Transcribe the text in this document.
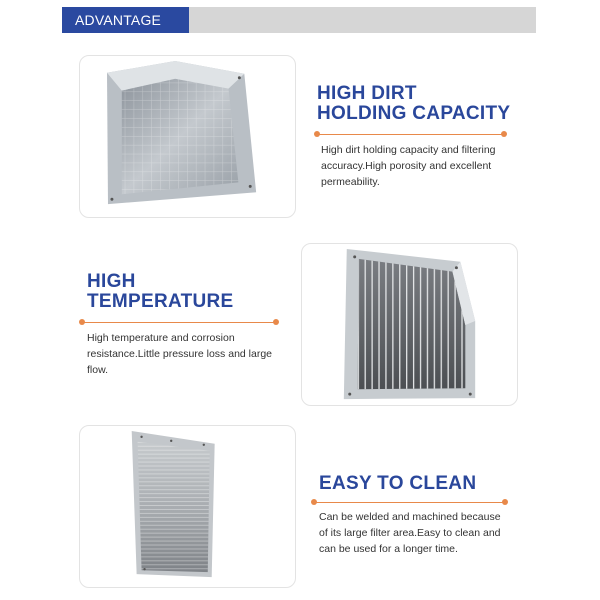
ADVANTAGE
HIGH DIRT
HOLDING CAPACITY
High dirt holding capacity and filtering accuracy.High porosity and excellent permeability.
HIGH
TEMPERATURE
High temperature and corrosion resistance.Little pressure loss and large flow.
EASY TO CLEAN
Can be welded and machined because of its large filter area.Easy to clean and can be used for a longer time.
